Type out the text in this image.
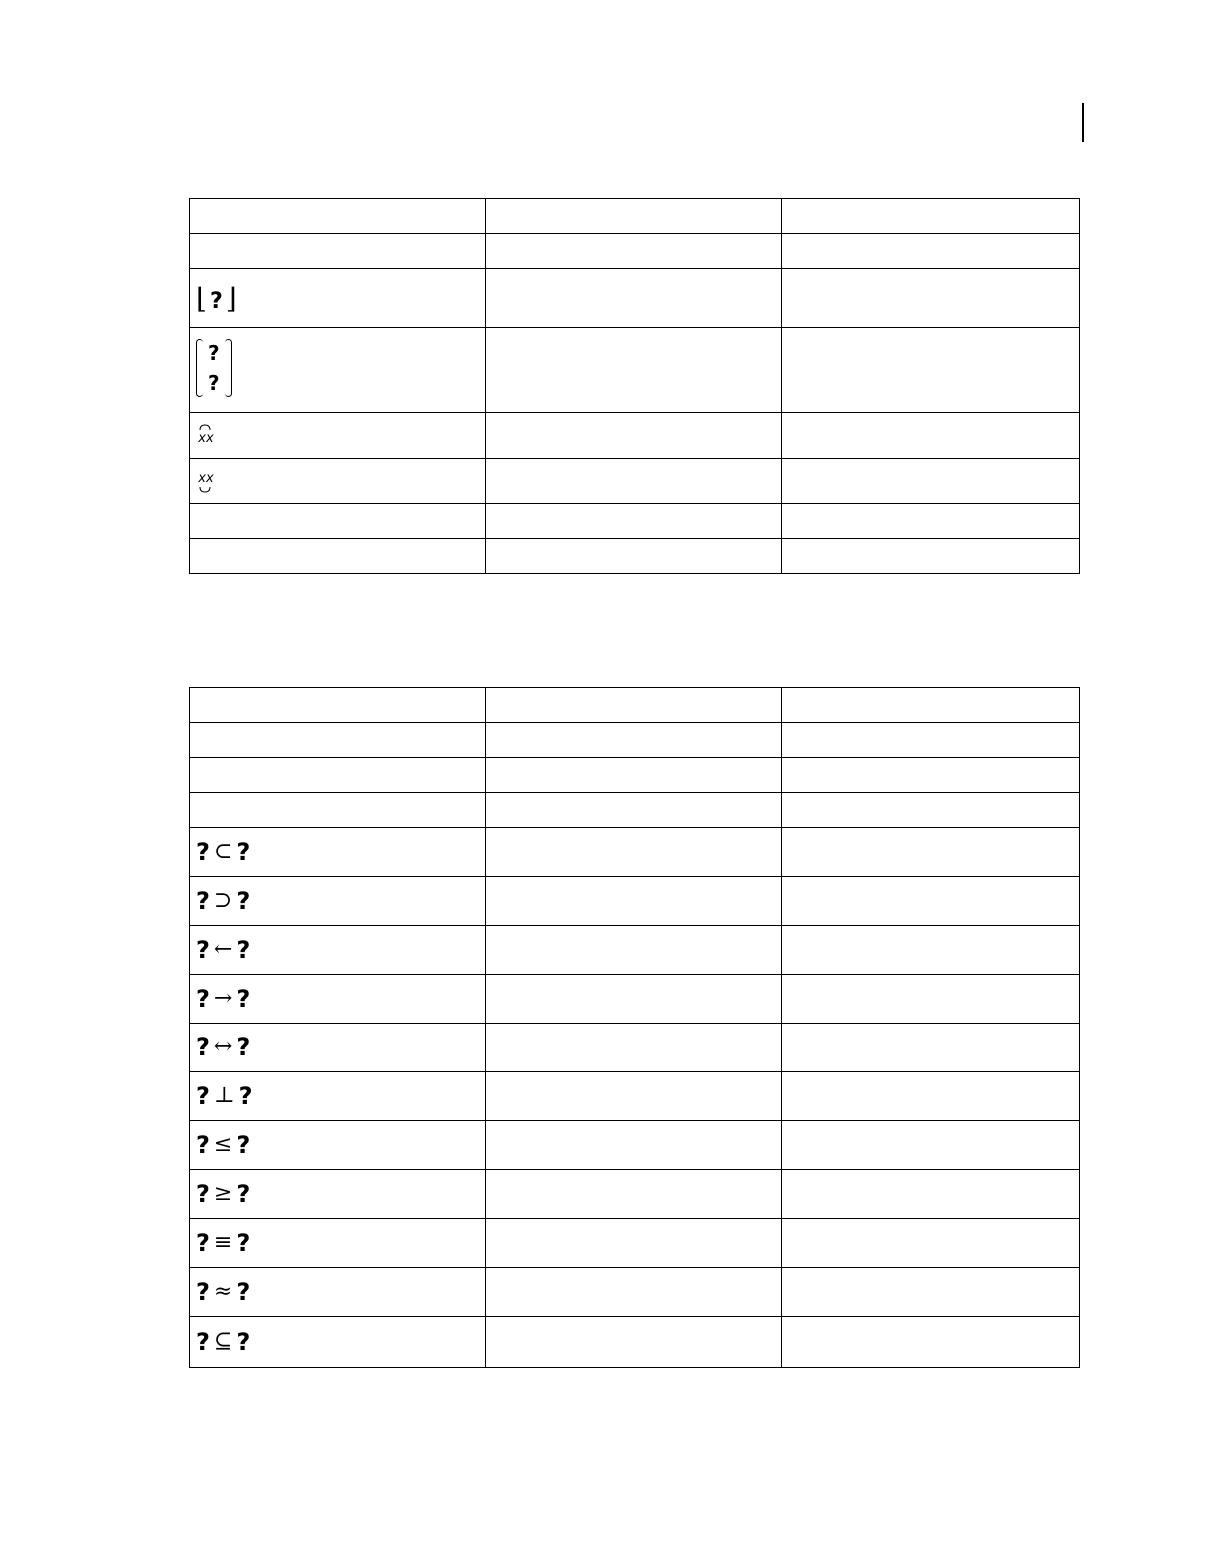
⌊ ? ⌋		

?
?		

xx		
xx

? ⊂ ?		

? ⊃ ?		

? ← ?		

? → ?		

? ↔ ?		

? ⊥ ?		

? ≤ ?		

? ≥ ?		

? ≡ ?		

? ≈ ?		

? ⊆ ?		
